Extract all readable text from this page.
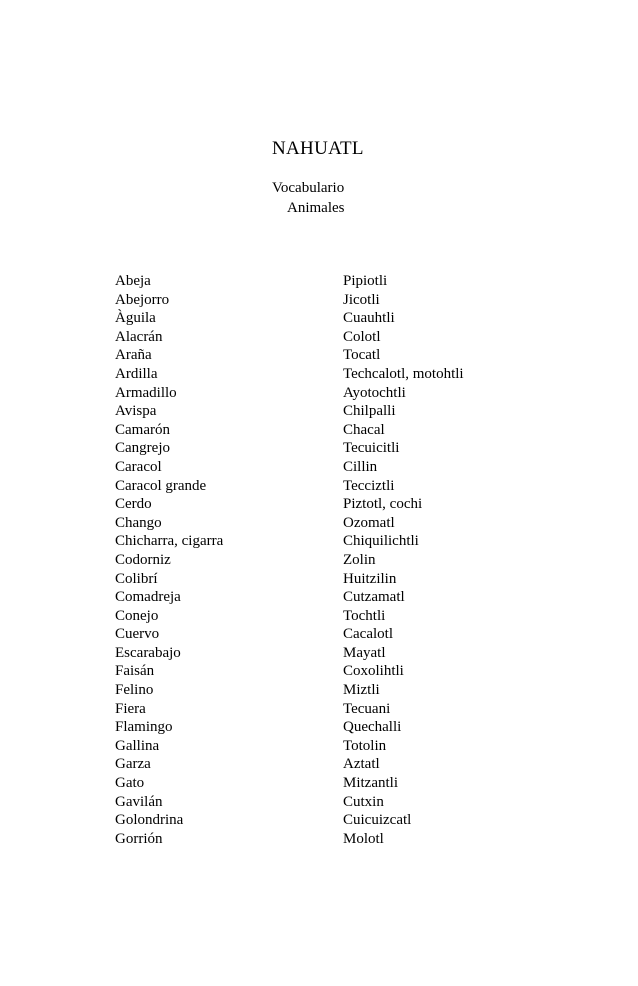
NAHUATL

Vocabulario

Animales

Abeja	Pipiotli
Abejorro	Jicotli
Àguila	Cuauhtli
Alacrán	Colotl
Araña	Tocatl
Ardilla	Techcalotl, motohtli
Armadillo	Ayotochtli
Avispa	Chilpalli
Camarón	Chacal
Cangrejo	Tecuicitli
Caracol	Cillin
Caracol grande	Tecciztli
Cerdo	Piztotl, cochi
Chango	Ozomatl
Chicharra, cigarra	Chiquilichtli
Codorniz	Zolin
Colibrí	Huitzilin
Comadreja	Cutzamatl
Conejo	Tochtli
Cuervo	Cacalotl
Escarabajo	Mayatl
Faisán	Coxolihtli
Felino	Miztli
Fiera	Tecuani
Flamingo	Quechalli
Gallina	Totolin
Garza	Aztatl
Gato	Mitzantli
Gavilán	Cutxin
Golondrina	Cuicuizcatl
Gorrión	Molotl
